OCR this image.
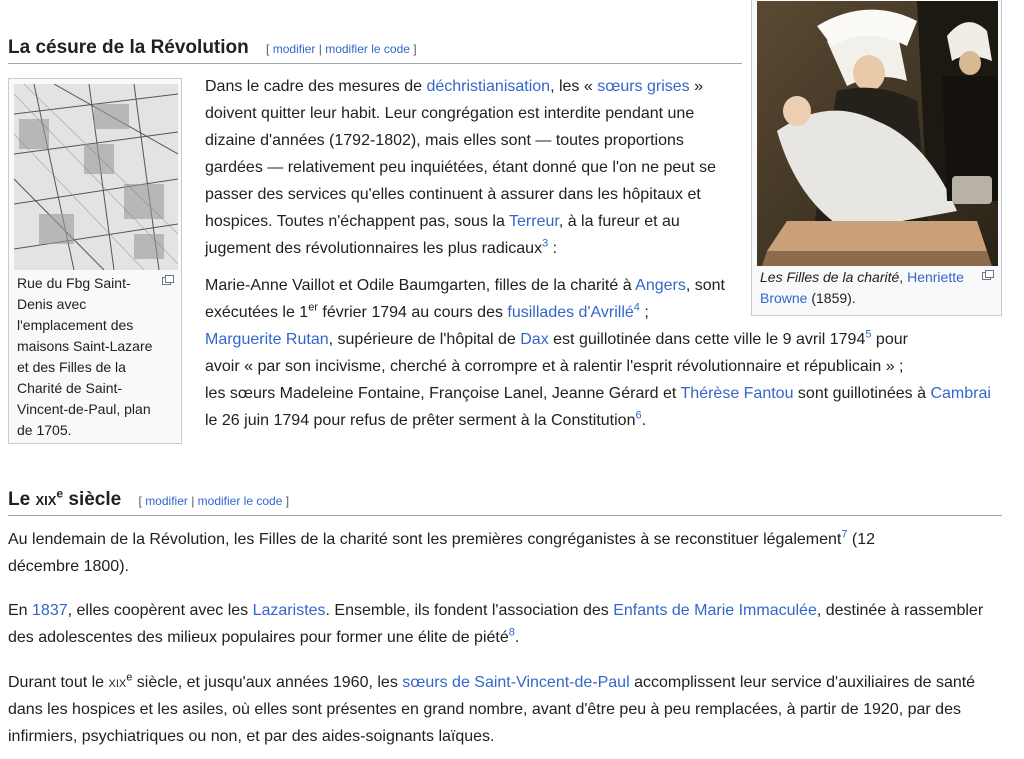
La césure de la Révolution [ modifier | modifier le code ]
Rue du Fbg Saint-Denis avec l'emplacement des maisons Saint-Lazare et des Filles de la Charité de Saint-Vincent-de-Paul, plan de 1705.
Les Filles de la charité, Henriette Browne (1859).
Dans le cadre des mesures de déchristianisation, les « sœurs grises » doivent quitter leur habit. Leur congrégation est interdite pendant une dizaine d'années (1792-1802), mais elles sont — toutes proportions gardées — relativement peu inquiétées, étant donné que l'on ne peut se passer des services qu'elles continuent à assurer dans les hôpitaux et hospices. Toutes n'échappent pas, sous la Terreur, à la fureur et au jugement des révolutionnaires les plus radicaux$^3$ :
Marie-Anne Vaillot et Odile Baumgarten, filles de la charité à Angers, sont exécutées le 1er février 1794 au cours des fusillades d'Avrillé$^4$ ;
Marguerite Rutan, supérieure de l'hôpital de Dax est guillotinée dans cette ville le 9 avril 1794$^5$ pour avoir « par son incivisme, cherché à corrompre et à ralentir l'esprit révolutionnaire et républicain » ;
les sœurs Madeleine Fontaine, Françoise Lanel, Jeanne Gérard et Thérèse Fantou sont guillotinées à Cambrai le 26 juin 1794 pour refus de prêter serment à la Constitution$^6$.
Le xix$^e$ siècle [ modifier | modifier le code ]
Au lendemain de la Révolution, les Filles de la charité sont les premières congréganistes à se reconstituer légalement$^7$ (12 décembre 1800).
En 1837, elles coopèrent avec les Lazaristes. Ensemble, ils fondent l'association des Enfants de Marie Immaculée, destinée à rassembler des adolescentes des milieux populaires pour former une élite de piété$^8$.
Durant tout le xix$^e$ siècle, et jusqu'aux années 1960, les sœurs de Saint-Vincent-de-Paul accomplissent leur service d'auxiliaires de santé dans les hospices et les asiles, où elles sont présentes en grand nombre, avant d'être peu à peu remplacées, à partir de 1920, par des infirmiers, psychiatriques ou non, et par des aides-soignants laïques.
